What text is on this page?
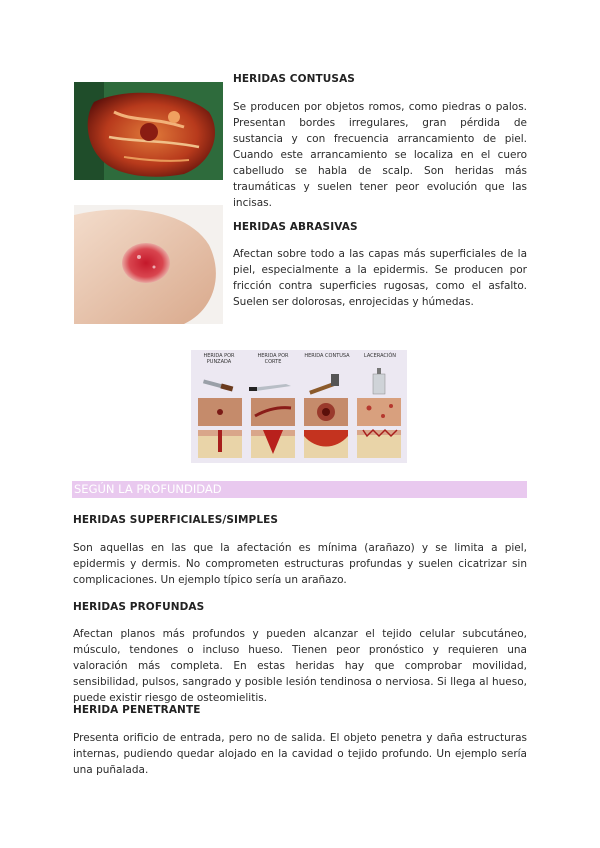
HERIDAS CONTUSAS
Se producen por objetos romos, como piedras o palos. Presentan bordes irregulares, gran pérdida de sustancia y con frecuencia arrancamiento de piel. Cuando este arrancamiento se localiza en el cuero cabelludo se habla de scalp. Son heridas más traumáticas y suelen tener peor evolución que las incisas.
HERIDAS ABRASIVAS
Afectan sobre todo a las capas más superficiales de la piel, especialmente a la epidermis. Se producen por fricción contra superficies rugosas, como el asfalto. Suelen ser dolorosas, enrojecidas y húmedas.
HERIDA POR PUNZADA
HERIDA POR CORTE
HERIDA CONTUSA	LACERACIÓN
SEGÚN LA PROFUNDIDAD
HERIDAS SUPERFICIALES/SIMPLES
Son aquellas en las que la afectación es mínima (arañazo) y se limita a piel, epidermis y dermis. No comprometen estructuras profundas y suelen cicatrizar sin complicaciones. Un ejemplo típico sería un arañazo.
HERIDAS PROFUNDAS
Afectan planos más profundos y pueden alcanzar el tejido celular subcutáneo, músculo, tendones o incluso hueso. Tienen peor pronóstico y requieren una valoración más completa. En estas heridas hay que comprobar movilidad, sensibilidad, pulsos, sangrado y posible lesión tendinosa o nerviosa. Si llega al hueso, puede existir riesgo de osteomielitis.
HERIDA PENETRANTE
Presenta orificio de entrada, pero no de salida. El objeto penetra y daña estructuras internas, pudiendo quedar alojado en la cavidad o tejido profundo. Un ejemplo sería una puñalada.
